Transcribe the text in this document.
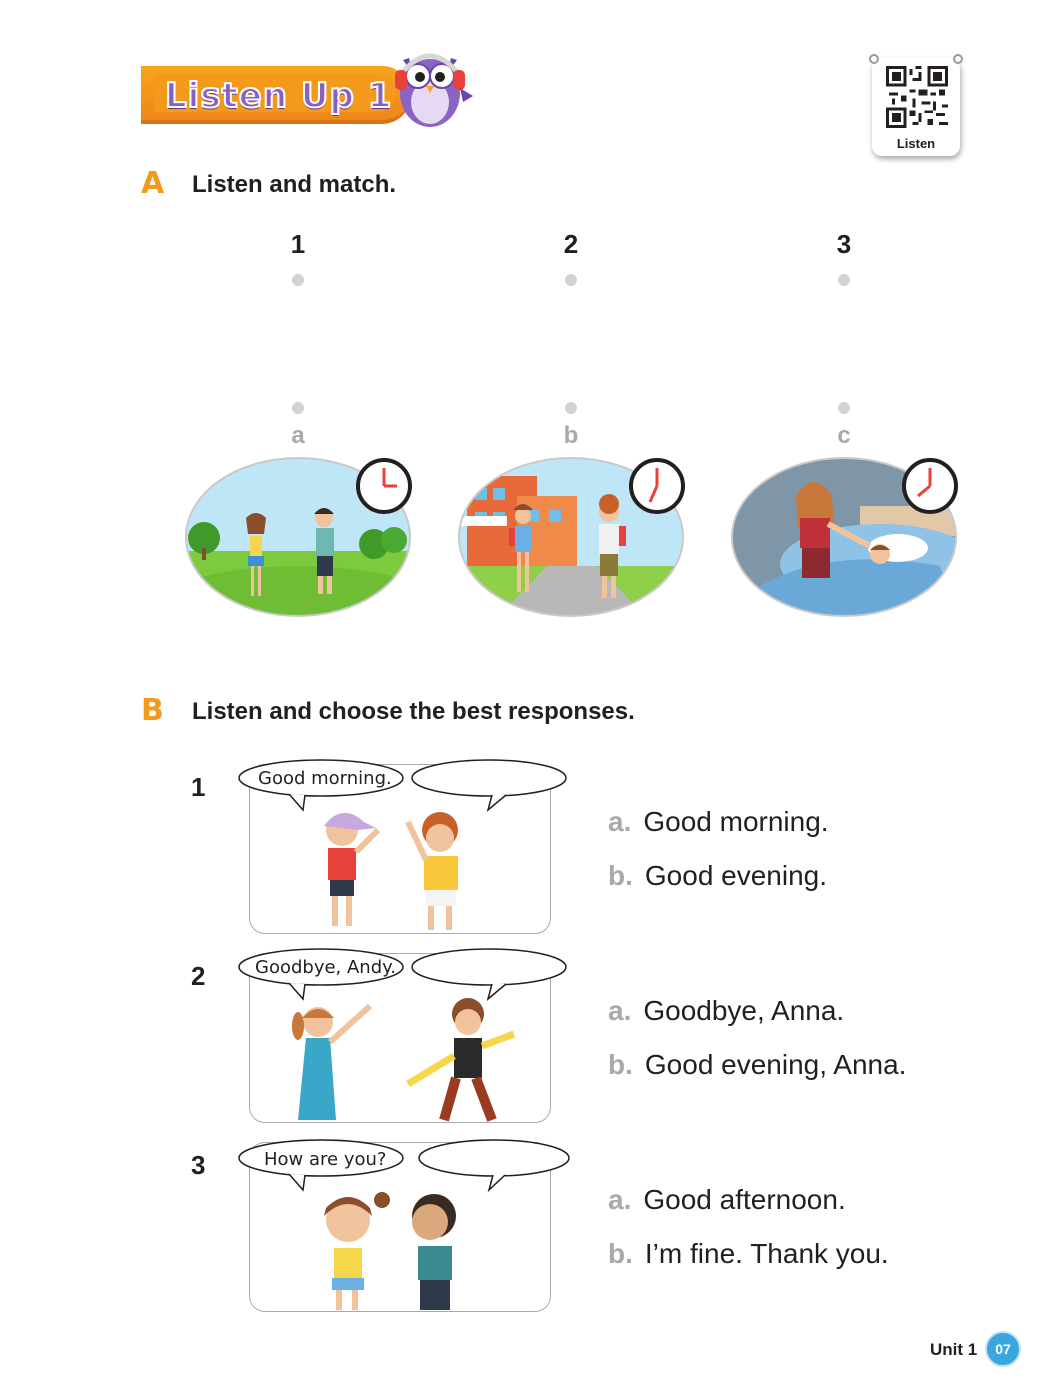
Listen Up 1
Listen
A Listen and match.
1	2	3
a	b	c
B Listen and choose the best responses.
1	Good morning.
a. Good morning.
b. Good evening.
2	Goodbye, Andy.
a. Goodbye, Anna.
b. Good evening, Anna.
3	How are you?
a. Good afternoon.
b. I’m fine. Thank you.
Unit 1	07
